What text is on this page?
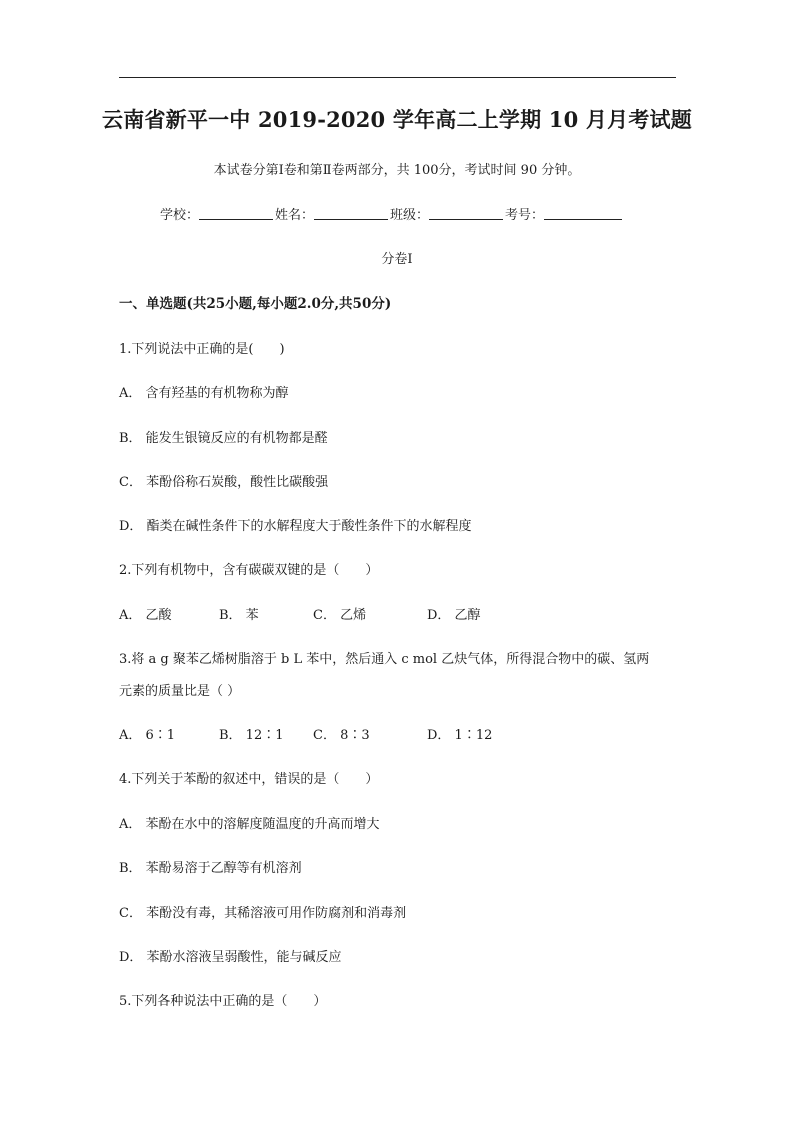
云南省新平一中 2019-2020 学年高二上学期 10 月月考试题
本试卷分第Ⅰ卷和第Ⅱ卷两部分，共 100分，考试时间 90 分钟。
学校：	姓名：	班级：	考号：
分卷Ⅰ
一、单选题(共25小题,每小题2.0分,共50分)
1.下列说法中正确的是(　　)
A． 含有羟基的有机物称为醇
B． 能发生银镜反应的有机物都是醛
C． 苯酚俗称石炭酸，酸性比碳酸强
D． 酯类在碱性条件下的水解程度大于酸性条件下的水解程度
2.下列有机物中，含有碳碳双键的是（　　）
A． 乙酸	B． 苯	C． 乙烯	D． 乙醇
3.将 a g 聚苯乙烯树脂溶于 b L 苯中，然后通入 c mol 乙炔气体，所得混合物中的碳、氢两
元素的质量比是（ ）
A． 6∶1	B． 12∶1 C． 8∶3	D． 1∶12
4.下列关于苯酚的叙述中，错误的是（　　）
A． 苯酚在水中的溶解度随温度的升高而增大
B． 苯酚易溶于乙醇等有机溶剂
C． 苯酚没有毒，其稀溶液可用作防腐剂和消毒剂
D． 苯酚水溶液呈弱酸性，能与碱反应
5.下列各种说法中正确的是（　　）
